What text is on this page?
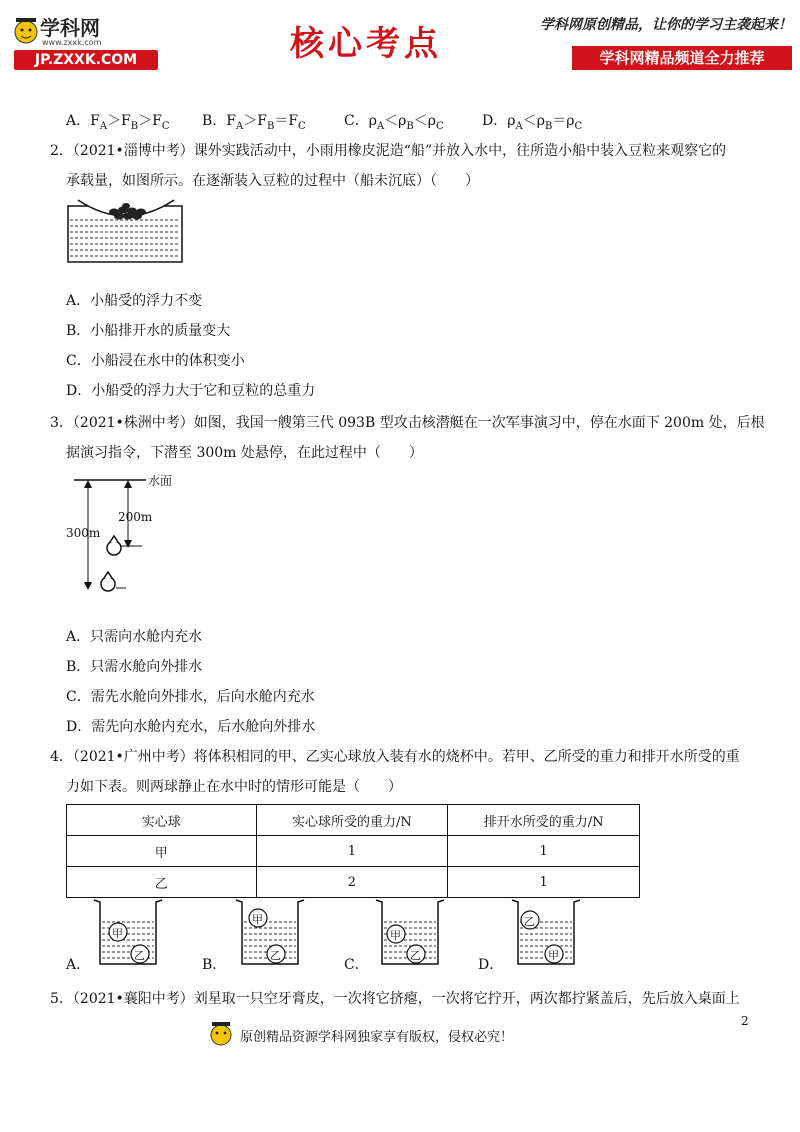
学科网
www.zxxk.com
JP.ZXXK.COM	核心考点	学科网原创精品，让你的学习主袭起来！
学科网精品频道全力推荐
A．$F_A>F_B>F_C$ B．$F_A>F_B=F_C$	C．$\rho_A<\rho_B<\rho_C$	D．$\rho_A<\rho_B=\rho_C$
2．（2021•淄博中考）课外实践活动中，小雨用橡皮泥造“船”并放入水中，往所造小船中装入豆粒来观察它的
承载量，如图所示。在逐渐装入豆粒的过程中（船未沉底）（　　）
A．小船受的浮力不变
B．小船排开水的质量变大
C．小船浸在水中的体积变小
D．小船受的浮力大于它和豆粒的总重力
3．（2021•株洲中考）如图，我国一艘第三代 093B 型攻击核潜艇在一次军事演习中，停在水面下 200m 处，后根
据演习指令，下潜至 300m 处悬停，在此过程中（　　）
水面
200m
300m
A．只需向水舱内充水
B．只需水舱向外排水
C．需先水舱向外排水，后向水舱内充水
D．需先向水舱内充水，后水舱向外排水
4．（2021•广州中考）将体积相同的甲、乙实心球放入装有水的烧杯中。若甲、乙所受的重力和排开水所受的重
力如下表。则两球静止在水中时的情形可能是（　　）
实心球	实心球所受的重力/N	排开水所受的重力/N
甲	1	1
乙	2	1
甲
乙
A．
甲
乙
B．
甲
乙
C．
乙
甲
D．
5．（2021•襄阳中考）刘星取一只空牙膏皮，一次将它挤瘪，一次将它拧开，两次都拧紧盖后，先后放入桌面上
原创精品资源学科网独家享有版权，侵权必究！
2
